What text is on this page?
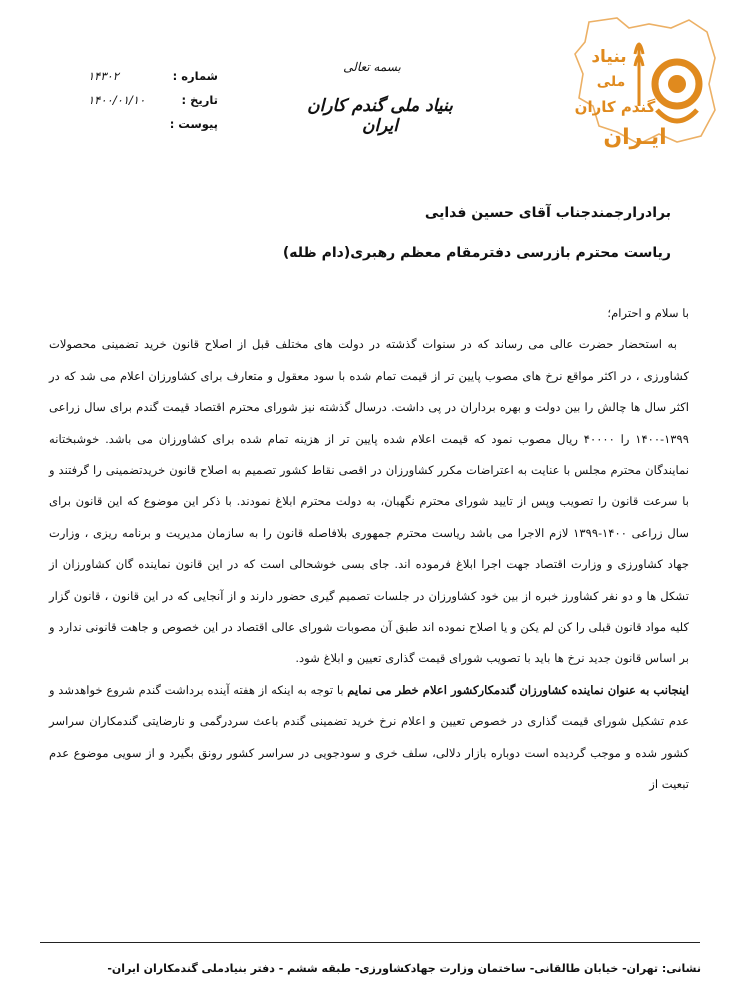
بنیاد
ملی
گندم کاران
ایـران
بسمه تعالی
بنیاد ملی گندم کاران ایران
شماره :
۱۴۳۰۲
تاریخ :
۱۴۰۰/۰۱/۱۰
پیوست :
برادرارجمندجناب آقای حسین فدایی
ریاست محترم بازرسی دفترمقام معظم رهبری(دام ظله)

با سلام و احترام؛

به استحضار حضرت عالی می رساند که در سنوات گذشته در دولت های مختلف قبل از اصلاح قانون خرید تضمینی محصولات کشاورزی ، در اکثر مواقع نرخ های مصوب پایین تر از قیمت تمام شده با سود معقول و متعارف برای کشاورزان اعلام می شد که در اکثر سال ها چالش را بین دولت و بهره برداران در پی داشت. درسال گذشته نیز شورای محترم اقتصاد قیمت گندم برای سال زراعی ۱۳۹۹-۱۴۰۰ را ۴۰۰۰۰ ریال مصوب نمود که قیمت اعلام شده پایین تر از هزینه تمام شده برای کشاورزان می باشد. خوشبختانه نمایندگان محترم مجلس با عنایت به اعتراضات مکرر کشاورزان در اقصی نقاط کشور تصمیم به اصلاح قانون خریدتضمینی را گرفتند و با سرعت قانون را تصویب وپس از تایید شورای محترم نگهبان، به دولت محترم ابلاغ نمودند. با ذکر این موضوع که این قانون برای سال زراعی ۱۴۰۰-۱۳۹۹ لازم الاجرا می باشد ریاست محترم جمهوری بلافاصله قانون را به سازمان مدیریت و برنامه ریزی ، وزارت جهاد کشاورزی و وزارت اقتصاد جهت اجرا ابلاغ فرموده اند. جای بسی خوشحالی است که در این قانون نماینده گان کشاورزان از تشکل ها و دو نفر کشاورز خبره از بین خود کشاورزان در جلسات تصمیم گیری حضور دارند و از آنجایی که در این قانون ، قانون گزار کلیه مواد قانون قبلی را کن لم یکن و یا اصلاح نموده اند طبق آن مصوبات شورای عالی اقتصاد در این خصوص و جاهت قانونی ندارد و بر اساس قانون جدید نرخ ها باید با تصویب شورای قیمت گذاری تعیین و ابلاغ شود.

اینجانب به عنوان نماینده کشاورزان گندمکارکشور اعلام خطر می نمایم با توجه به اینکه از هفته آینده برداشت گندم شروع خواهدشد و عدم تشکیل شورای قیمت گذاری در خصوص تعیین و اعلام نرخ خرید تضمینی گندم باعث سردرگمی و نارضایتی گندمکاران سراسر کشور شده و موجب گردیده است دوباره بازار دلالی، سلف خری و سودجویی در سراسر کشور رونق بگیرد و از سویی موضوع عدم تبعیت از

نشانی: تهران- خیابان طالقانی- ساختمان وزارت جهادکشاورزی- طبقه ششم - دفتر بنیادملی گندمکاران ایران-
